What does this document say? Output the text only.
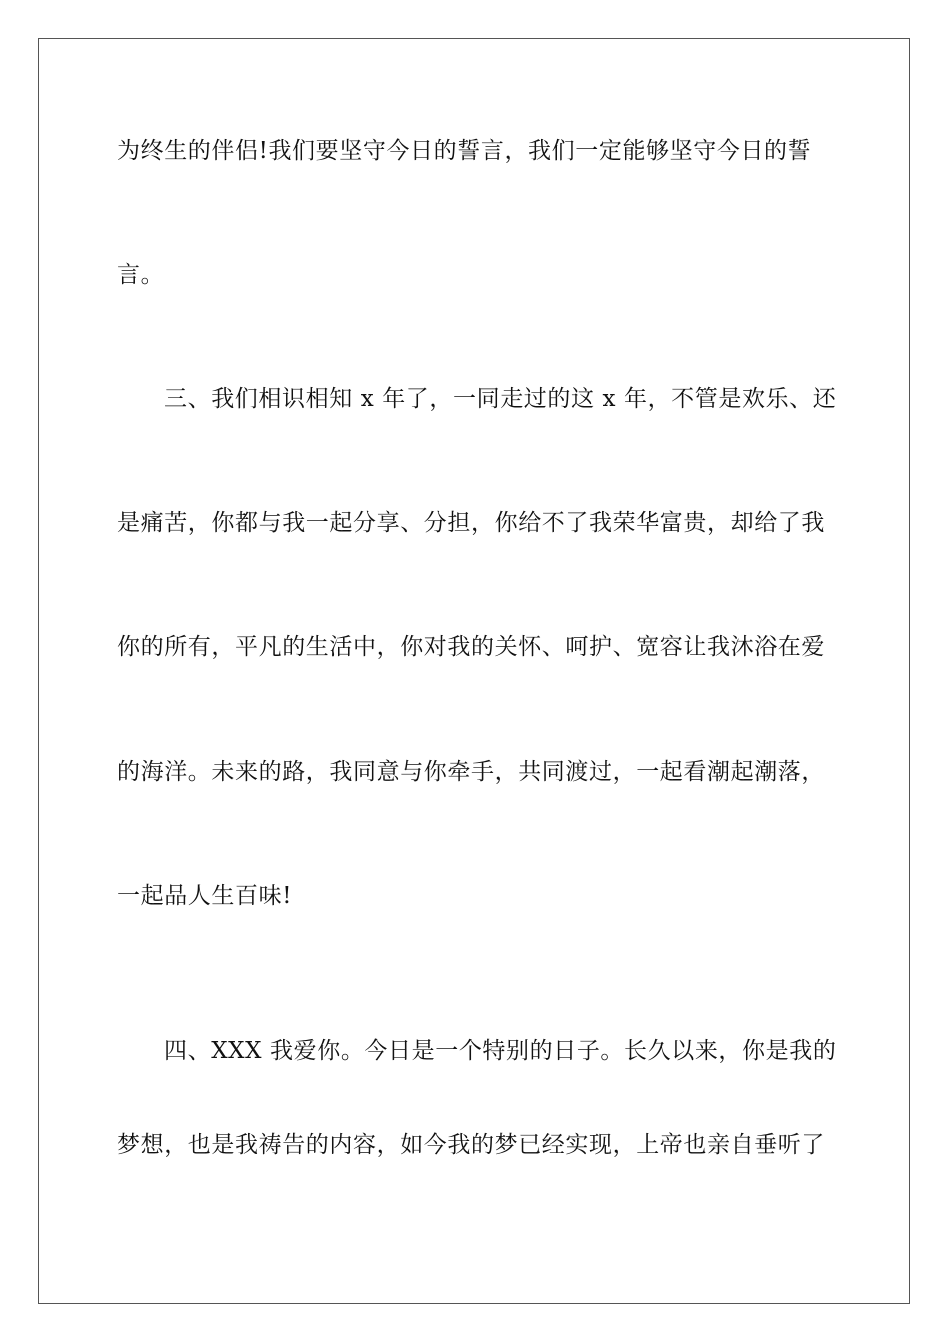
为终生的伴侣!我们要坚守今日的誓言，我们一定能够坚守今日的誓
言。
三、我们相识相知 x 年了，一同走过的这 x 年，不管是欢乐、还
是痛苦，你都与我一起分享、分担，你给不了我荣华富贵，却给了我
你的所有，平凡的生活中，你对我的关怀、呵护、宽容让我沐浴在爱
的海洋。未来的路，我同意与你牵手，共同渡过，一起看潮起潮落，
一起品人生百味!
四、XXX 我爱你。今日是一个特别的日子。长久以来，你是我的
梦想，也是我祷告的内容，如今我的梦已经实现，上帝也亲自垂听了
